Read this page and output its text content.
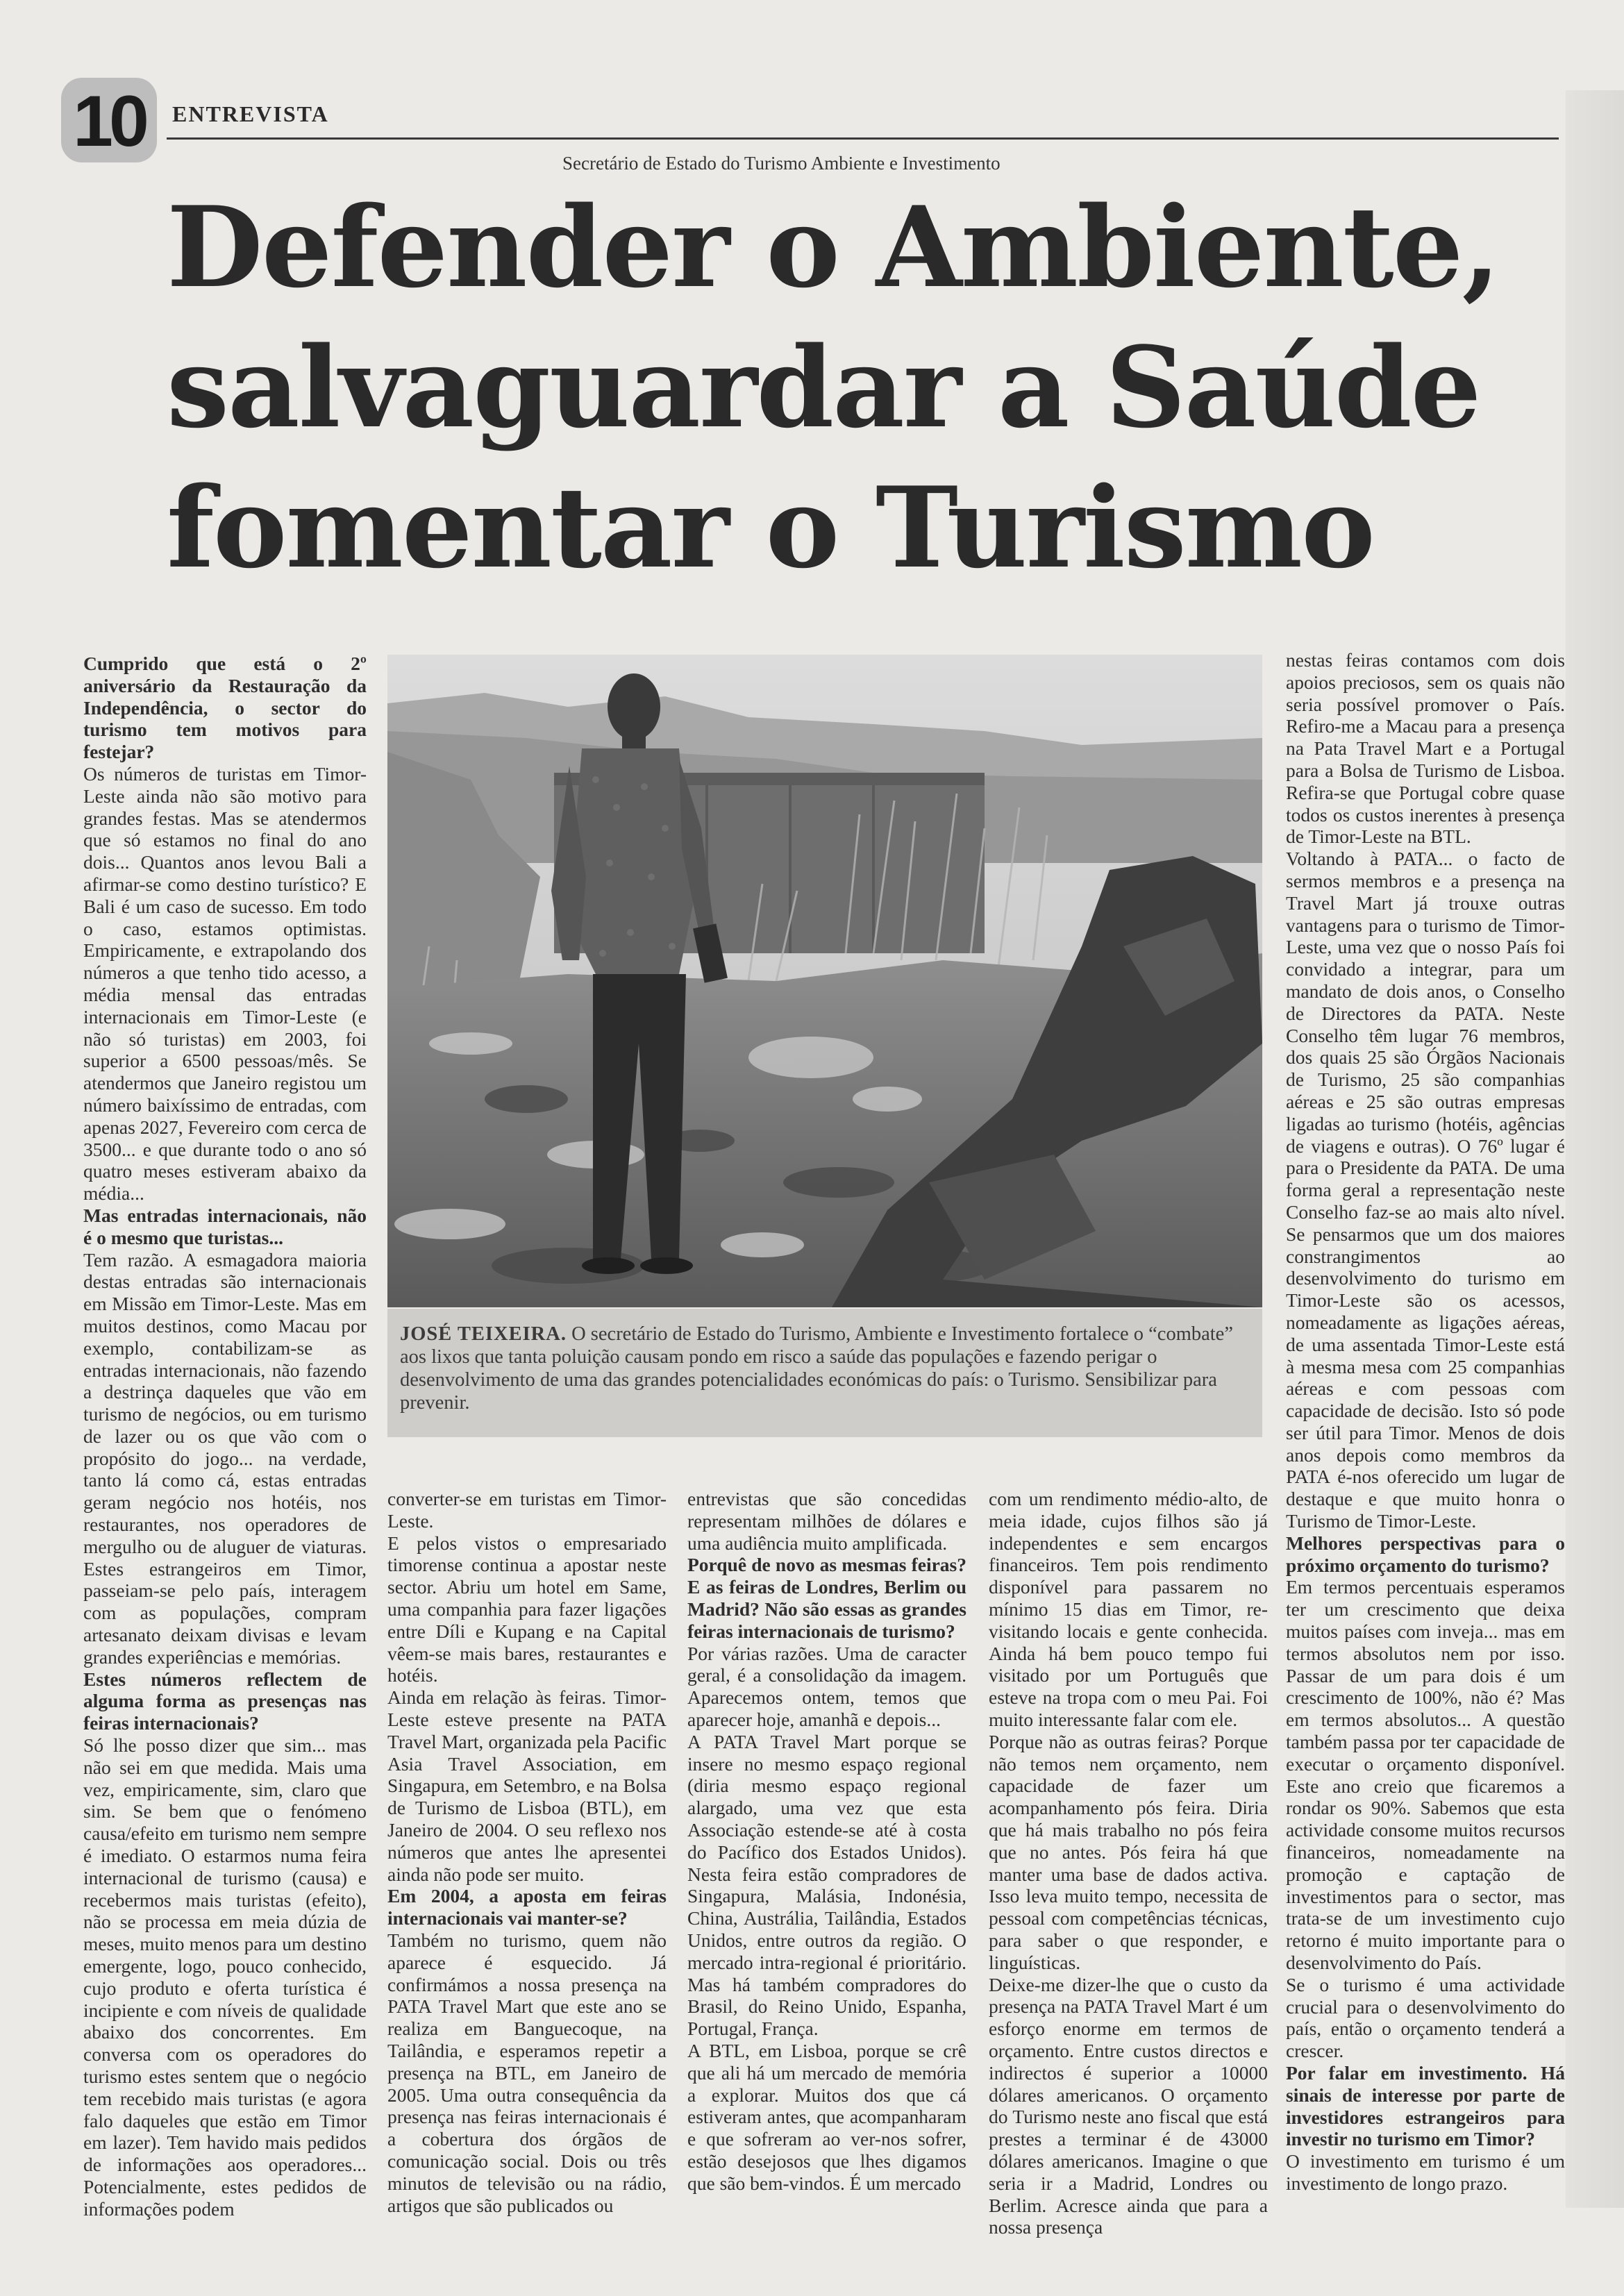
10	ENTREVISTA
Secretário de Estado do Turismo Ambiente e Investimento
Defender o Ambiente,
salvaguardar a Saúde
fomentar o Turismo

Cumprido que está o 2º aniversário da Restauração da Independência, o sector do turismo tem motivos para festejar?

Os números de turistas em Timor-Leste ainda não são motivo para grandes festas. Mas se atendermos que só estamos no final do ano dois... Quantos anos levou Bali a afirmar-se como destino turístico? E Bali é um caso de sucesso. Em todo o caso, estamos optimistas. Empiricamente, e extrapolando dos números a que tenho tido acesso, a média mensal das entradas internacionais em Timor-Leste (e não só turistas) em 2003, foi superior a 6500 pessoas/mês. Se atendermos que Janeiro registou um número baixíssimo de entradas, com apenas 2027, Fevereiro com cerca de 3500... e que durante todo o ano só quatro meses estiveram abaixo da média...

Mas entradas internacionais, não é o mesmo que turistas...

Tem razão. A esmagadora maioria destas entradas são internacionais em Missão em Timor-Leste. Mas em muitos destinos, como Macau por exemplo, contabilizam-se as entradas internacionais, não fazendo a destrinça daqueles que vão em turismo de negócios, ou em turismo de lazer ou os que vão com o propósito do jogo... na verdade, tanto lá como cá, estas entradas geram negócio nos hotéis, nos restaurantes, nos operadores de mergulho ou de aluguer de viaturas. Estes estrangeiros em Timor, passeiam-se pelo país, interagem com as populações, compram artesanato deixam divisas e levam grandes experiências e memórias.

Estes números reflectem de alguma forma as presenças nas feiras internacionais?

Só lhe posso dizer que sim... mas não sei em que medida. Mais uma vez, empiricamente, sim, claro que sim. Se bem que o fenómeno causa/efeito em turismo nem sempre é imediato. O estarmos numa feira internacional de turismo (causa) e recebermos mais turistas (efeito), não se processa em meia dúzia de meses, muito menos para um destino emergente, logo, pouco conhecido, cujo produto e oferta turística é incipiente e com níveis de qualidade abaixo dos concorrentes. Em conversa com os operadores do turismo estes sentem que o negócio tem recebido mais turistas (e agora falo daqueles que estão em Timor em lazer). Tem havido mais pedidos de informações aos operadores... Potencialmente, estes pedidos de informações podem

JOSÉ TEIXEIRA. O secretário de Estado do Turismo, Ambiente e Investimento fortalece o “combate” aos lixos que tanta poluição causam pondo em risco a saúde das populações e fazendo perigar o desenvolvimento de uma das grandes potencialidades económicas do país: o Turismo. Sensibilizar para prevenir.

converter-se em turistas em Timor-Leste.

E pelos vistos o empresariado timorense continua a apostar neste sector. Abriu um hotel em Same, uma companhia para fazer ligações entre Díli e Kupang e na Capital vêem-se mais bares, restaurantes e hotéis.

Ainda em relação às feiras. Timor-Leste esteve presente na PATA Travel Mart, organizada pela Pacific Asia Travel Association, em Singapura, em Setembro, e na Bolsa de Turismo de Lisboa (BTL), em Janeiro de 2004. O seu reflexo nos números que antes lhe apresentei ainda não pode ser muito.

Em 2004, a aposta em feiras internacionais vai manter-se?

Também no turismo, quem não aparece é esquecido. Já confirmámos a nossa presença na PATA Travel Mart que este ano se realiza em Banguecoque, na Tailândia, e esperamos repetir a presença na BTL, em Janeiro de 2005. Uma outra consequência da presença nas feiras internacionais é a cobertura dos órgãos de comunicação social. Dois ou três minutos de televisão ou na rádio, artigos que são publicados ou

entrevistas que são concedidas representam milhões de dólares e uma audiência muito amplificada.

Porquê de novo as mesmas feiras? E as feiras de Londres, Berlim ou Madrid? Não são essas as grandes feiras internacionais de turismo?

Por várias razões. Uma de caracter geral, é a consolidação da imagem. Aparecemos ontem, temos que aparecer hoje, amanhã e depois...

A PATA Travel Mart porque se insere no mesmo espaço regional (diria mesmo espaço regional alargado, uma vez que esta Associação estende-se até à costa do Pacífico dos Estados Unidos). Nesta feira estão compradores de Singapura, Malásia, Indonésia, China, Austrália, Tailândia, Estados Unidos, entre outros da região. O mercado intra-regional é prioritário. Mas há também compradores do Brasil, do Reino Unido, Espanha, Portugal, França.

A BTL, em Lisboa, porque se crê que ali há um mercado de memória a explorar. Muitos dos que cá estiveram antes, que acompanharam e que sofreram ao ver-nos sofrer, estão desejosos que lhes digamos que são bem-vindos. É um mercado

com um rendimento médio-alto, de meia idade, cujos filhos são já independentes e sem encargos financeiros. Tem pois rendimento disponível para passarem no mínimo 15 dias em Timor, re-visitando locais e gente conhecida. Ainda há bem pouco tempo fui visitado por um Português que esteve na tropa com o meu Pai. Foi muito interessante falar com ele.

Porque não as outras feiras? Porque não temos nem orçamento, nem capacidade de fazer um acompanhamento pós feira. Diria que há mais trabalho no pós feira que no antes. Pós feira há que manter uma base de dados activa. Isso leva muito tempo, necessita de pessoal com competências técnicas, para saber o que responder, e linguísticas.

Deixe-me dizer-lhe que o custo da presença na PATA Travel Mart é um esforço enorme em termos de orçamento. Entre custos directos e indirectos é superior a 10000 dólares americanos. O orçamento do Turismo neste ano fiscal que está prestes a terminar é de 43000 dólares americanos. Imagine o que seria ir a Madrid, Londres ou Berlim. Acresce ainda que para a nossa presença

nestas feiras contamos com dois apoios preciosos, sem os quais não seria possível promover o País. Refiro-me a Macau para a presença na Pata Travel Mart e a Portugal para a Bolsa de Turismo de Lisboa. Refira-se que Portugal cobre quase todos os custos inerentes à presença de Timor-Leste na BTL.

Voltando à PATA... o facto de sermos membros e a presença na Travel Mart já trouxe outras vantagens para o turismo de Timor-Leste, uma vez que o nosso País foi convidado a integrar, para um mandato de dois anos, o Conselho de Directores da PATA. Neste Conselho têm lugar 76 membros, dos quais 25 são Órgãos Nacionais de Turismo, 25 são companhias aéreas e 25 são outras empresas ligadas ao turismo (hotéis, agências de viagens e outras). O 76º lugar é para o Presidente da PATA. De uma forma geral a representação neste Conselho faz-se ao mais alto nível. Se pensarmos que um dos maiores constrangimentos ao desenvolvimento do turismo em Timor-Leste são os acessos, nomeadamente as ligações aéreas, de uma assentada Timor-Leste está à mesma mesa com 25 companhias aéreas e com pessoas com capacidade de decisão. Isto só pode ser útil para Timor. Menos de dois anos depois como membros da PATA é-nos oferecido um lugar de destaque e que muito honra o Turismo de Timor-Leste.

Melhores perspectivas para o próximo orçamento do turismo?

Em termos percentuais esperamos ter um crescimento que deixa muitos países com inveja... mas em termos absolutos nem por isso. Passar de um para dois é um crescimento de 100%, não é? Mas em termos absolutos... A questão também passa por ter capacidade de executar o orçamento disponível. Este ano creio que ficaremos a rondar os 90%. Sabemos que esta actividade consome muitos recursos financeiros, nomeadamente na promoção e captação de investimentos para o sector, mas trata-se de um investimento cujo retorno é muito importante para o desenvolvimento do País.

Se o turismo é uma actividade crucial para o desenvolvimento do país, então o orçamento tenderá a crescer.

Por falar em investimento. Há sinais de interesse por parte de investidores estrangeiros para investir no turismo em Timor?

O investimento em turismo é um investimento de longo prazo.
